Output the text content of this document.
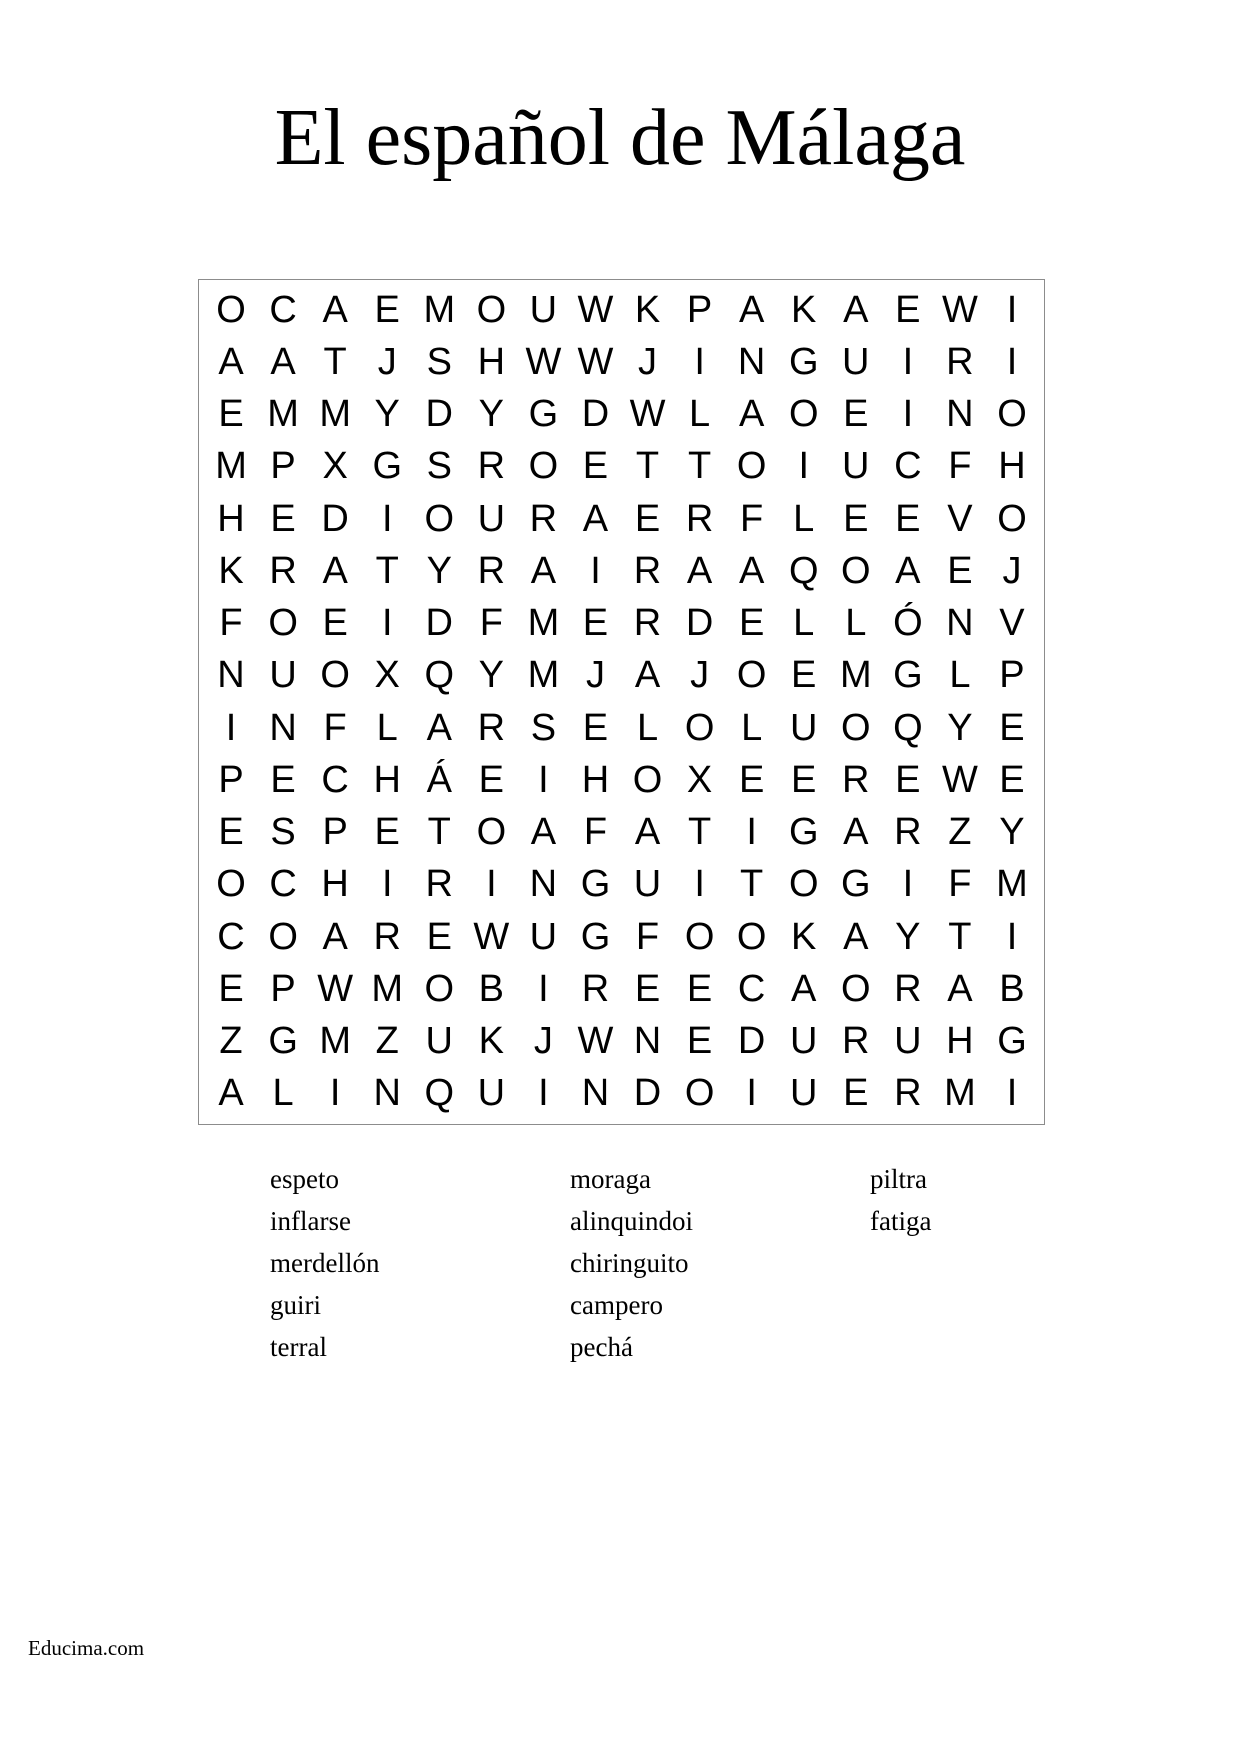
El español de Málaga
O C A E M O U W K P A K A E W I
A A T J S H W W J I N G U I R I
E M M Y D Y G D W L A O E I N O
M P X G S R O E T T O I U C F H
H E D I O U R A E R F L E E V O
K R A T Y R A I R A A Q O A E J
F O E I D F M E R D E L L Ó N V
N U O X Q Y M J A J O E M G L P
I N F L A R S E L O L U O Q Y E
P E C H Á E I H O X E E R E W E
E S P E T O A F A T I G A R Z Y
O C H I R I N G U I T O G I F M
C O A R E W U G F O O K A Y T I
E P W M O B I R E E C A O R A B
Z G M Z U K J W N E D U R U H G
A L I N Q U I N D O I U E R M I
espeto
inflarse
merdellón
guiri
terral
moraga
alinquindoi
chiringuito
campero
pechá
piltra
fatiga
Educima.com
